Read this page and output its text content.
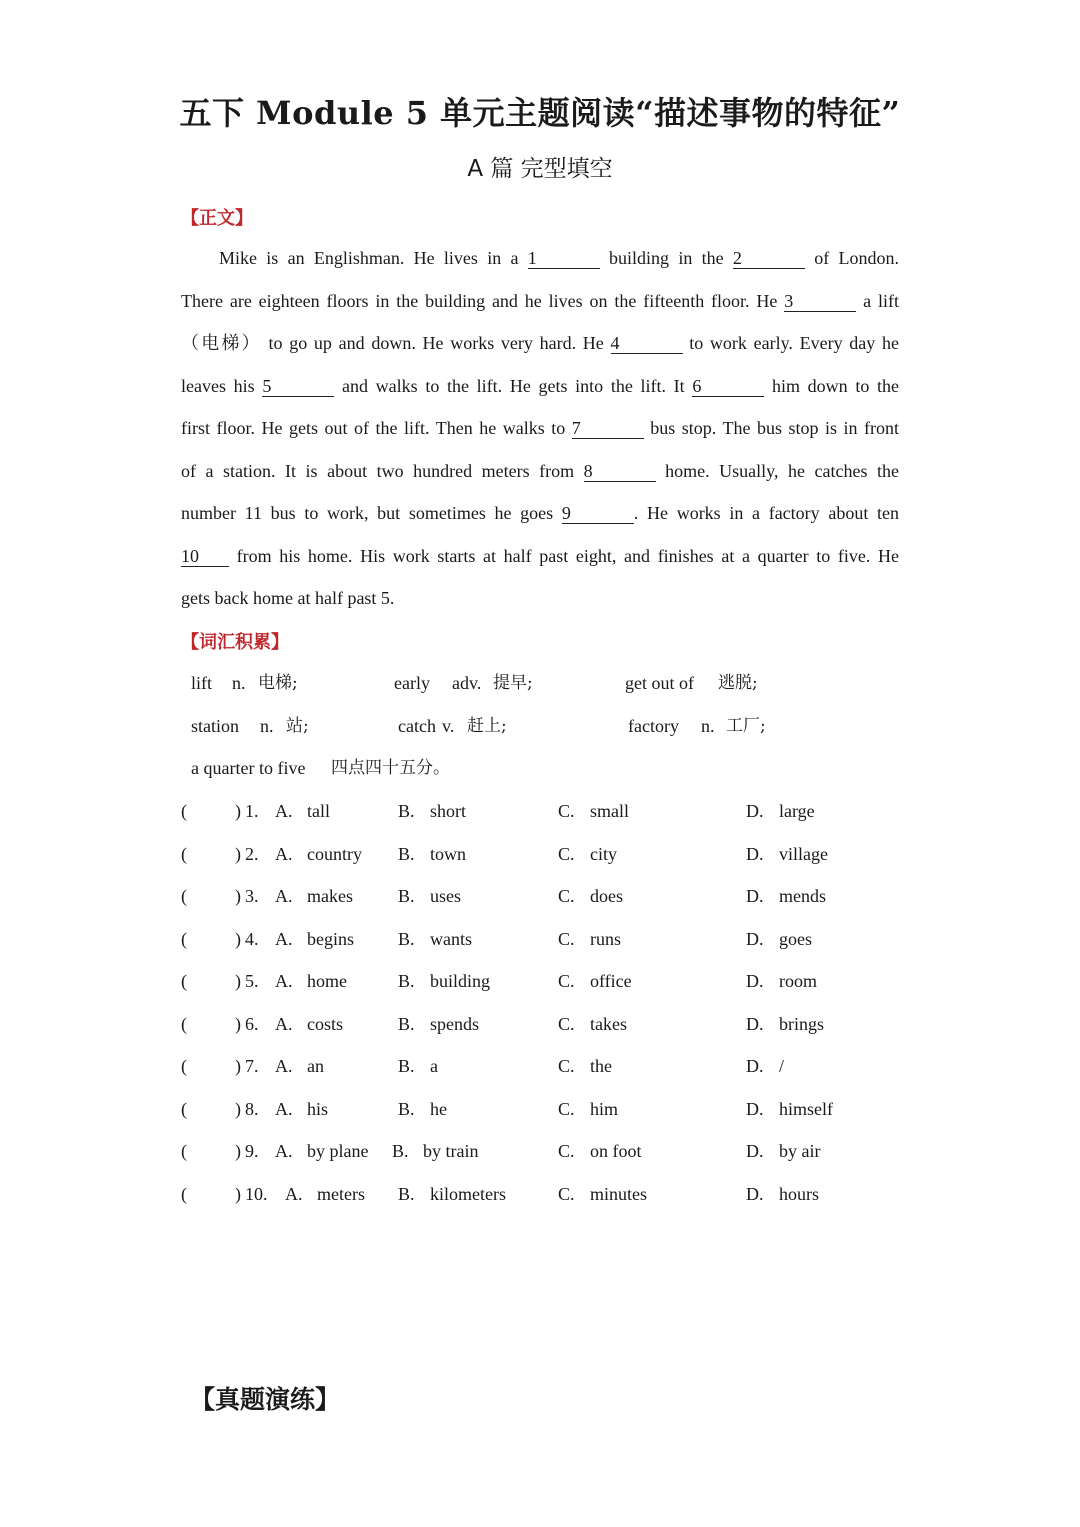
五下 Module 5 单元主题阅读“描述事物的特征”
A 篇 完型填空
【正文】
Mike is an Englishman. He lives in a 1	building in the 2	of London.
There are eighteen floors in the building and he lives on the fifteenth floor. He 3	a lift
（电梯） to go up and down. He works very hard. He 4	to work early. Every day he
leaves his 5	and walks to the lift. He gets into the lift. It 6	him down to the
first floor. He gets out of the lift. Then he walks to 7	bus stop. The bus stop is in front
of a station. It is about two hundred meters from 8	home. Usually, he catches the
number 11 bus to work, but sometimes he goes 9	. He works in a factory about ten
10 from his home. His work starts at half past eight, and finishes at a quarter to five. He
gets back home at half past 5.
【词汇积累】
lift n. 电梯;	early adv. 提早;	get out of 逃脱;
station n. 站;	catch v. 赶上;	factory n. 工厂;
a quarter to five 四点四十五分。
(	) 1. A. tall	B. short	C. small	D. large
(	) 2. A. country B. town	C. city	D. village
(	) 3. A. makes	B. uses	C. does	D. mends
(	) 4. A. begins B. wants	C. runs	D. goes
(	) 5. A. home	B. building	C. office	D. room
(	) 6. A. costs	B. spends	C. takes	D. brings
(	) 7. A. an	B. a	C. the	D. /
(	) 8. A. his	B. he	C. him	D. himself
(	) 9. A. by plane B. by train	C. on foot	D. by air
(	) 10. A. meters B. kilometers	C. minutes	D. hours
【真题演练】
